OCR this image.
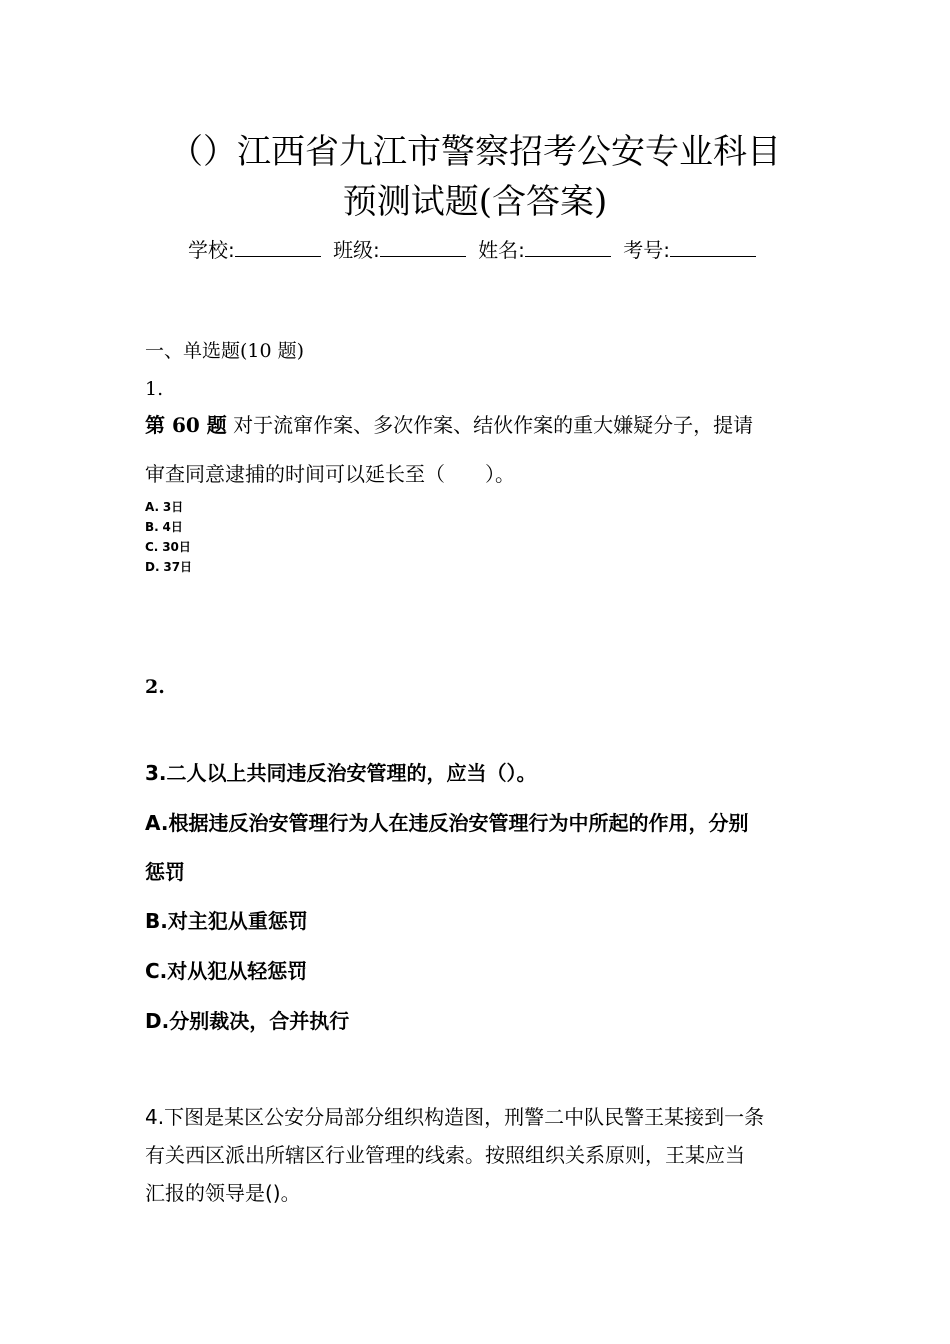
（）江西省九江市警察招考公安专业科目
预测试题(含答案)
学校:	班级:	姓名:	考号:
一、单选题(10 题)
1.
第 60 题 对于流窜作案、多次作案、结伙作案的重大嫌疑分子，提请
审查同意逮捕的时间可以延长至（　　）。
A. 3日
B. 4日
C. 30日
D. 37日
2.
3.二人以上共同违反治安管理的，应当（）。
A.根据违反治安管理行为人在违反治安管理行为中所起的作用，分别
惩罚
B.对主犯从重惩罚
C.对从犯从轻惩罚
D.分别裁决，合并执行
4.下图是某区公安分局部分组织构造图，刑警二中队民警王某接到一条
有关西区派出所辖区行业管理的线索。按照组织关系原则，王某应当
汇报的领导是()。
